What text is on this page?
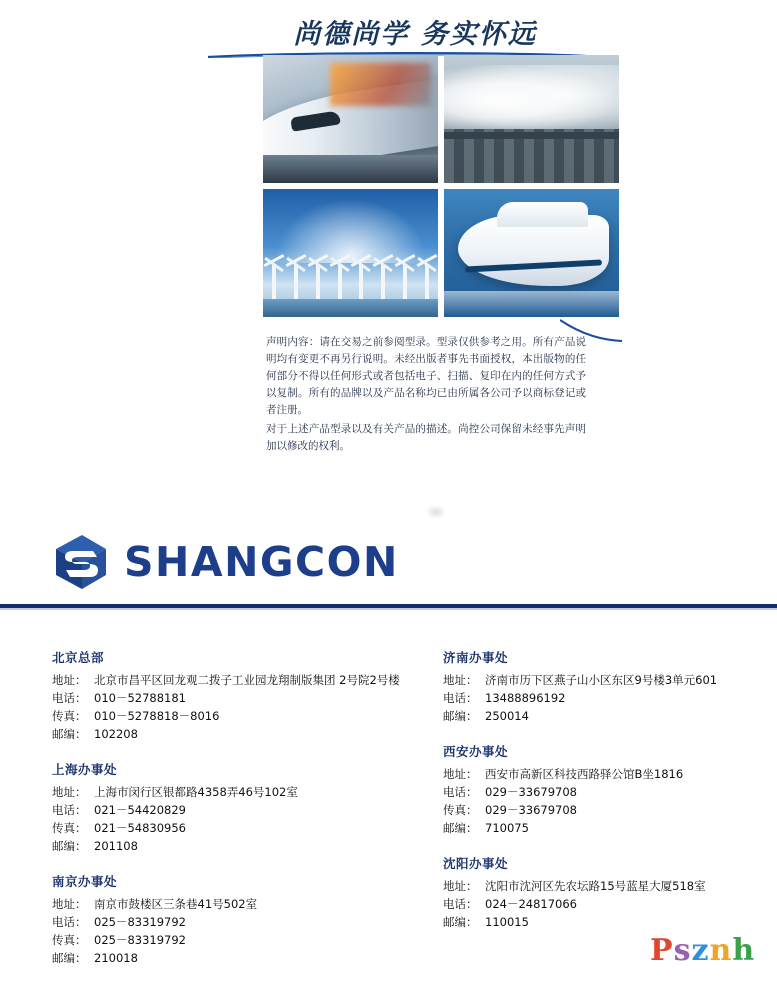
尚德尚学 务实怀远

声明内容：请在交易之前参阅型录。型录仅供参考之用。所有产品说明均有变更不再另行说明。未经出版者事先书面授权，本出版物的任何部分不得以任何形式或者包括电子、扫描、复印在内的任何方式予以复制。所有的品牌以及产品名称均已由所属各公司予以商标登记或者注册。

对于上述产品型录以及有关产品的描述。尚控公司保留未经事先声明加以修改的权利。

SHANGCON
北京总部
地址： 北京市昌平区回龙观二拨子工业园龙翔制版集团 2号院2号楼
电话： 010－52788181
传真： 010－5278818－8016
邮编： 102208
上海办事处
地址： 上海市闵行区银都路4358弄46号102室
电话： 021－54420829
传真： 021－54830956
邮编： 201108
南京办事处
地址： 南京市鼓楼区三条巷41号502室
电话： 025－83319792
传真： 025－83319792
邮编： 210018
济南办事处
地址： 济南市历下区燕子山小区东区9号楼3单元601
电话： 13488896192
邮编： 250014
西安办事处
地址： 西安市高新区科技西路驿公馆B坐1816
电话： 029－33679708
传真： 029－33679708
邮编： 710075
沈阳办事处
地址： 沈阳市沈河区先农坛路15号蓝星大厦518室
电话： 024－24817066
邮编： 110015
Psznh
